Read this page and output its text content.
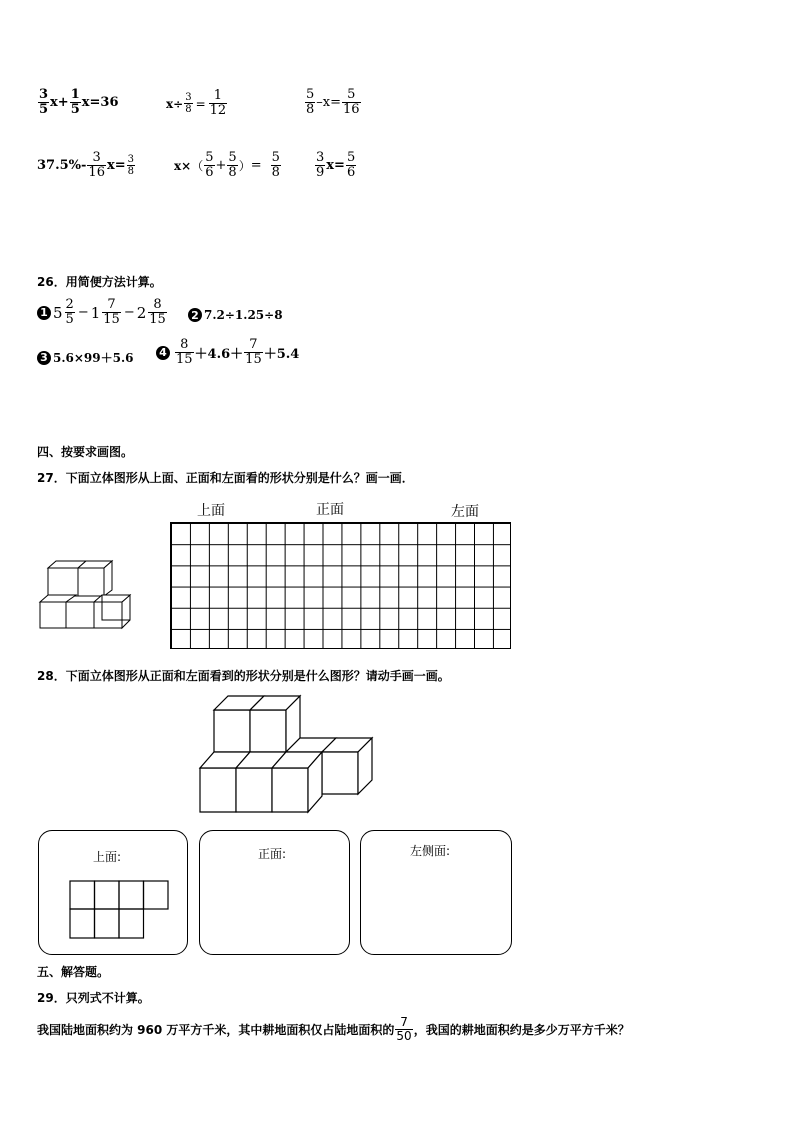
$\frac{3}{5} x+ \frac{1}{5} x=36$	$x\div \frac{3}{8} = \frac{1}{12}$	$\frac{5}{8} -x= \frac{5}{16}$
$37.5\%- \frac{3}{16} x= \frac{3}{8}$	x× （ $\frac{5}{6} + \frac{5}{8}$ ） = $\frac{5}{8}$	$\frac{3}{9} x= \frac{5}{6}$
26．用简便方法计算。
1 $5 \frac{2}{5} - 1 \frac{7}{15} - 2 \frac{8}{15} 2$ 7.2÷1.25÷8
3 5.6×99＋5.6 $4 \frac{8}{15} +4.6+ \frac{7}{15} +5.4$
四、按要求画图。
27．下面立体图形从上面、正面和左面看的形状分别是什么？画一画．
上面	正面	左面
28．下面立体图形从正面和左面看到的形状分别是什么图形？请动手画一画。
上面:	正面:	左侧面:
五、解答题。
29．只列式不计算。
我国陆地面积约为 960 万平方千米，其中耕地面积仅占陆地面积的 $\frac{7}{50}$ ，我国的耕地面积约是多少万平方千米？
